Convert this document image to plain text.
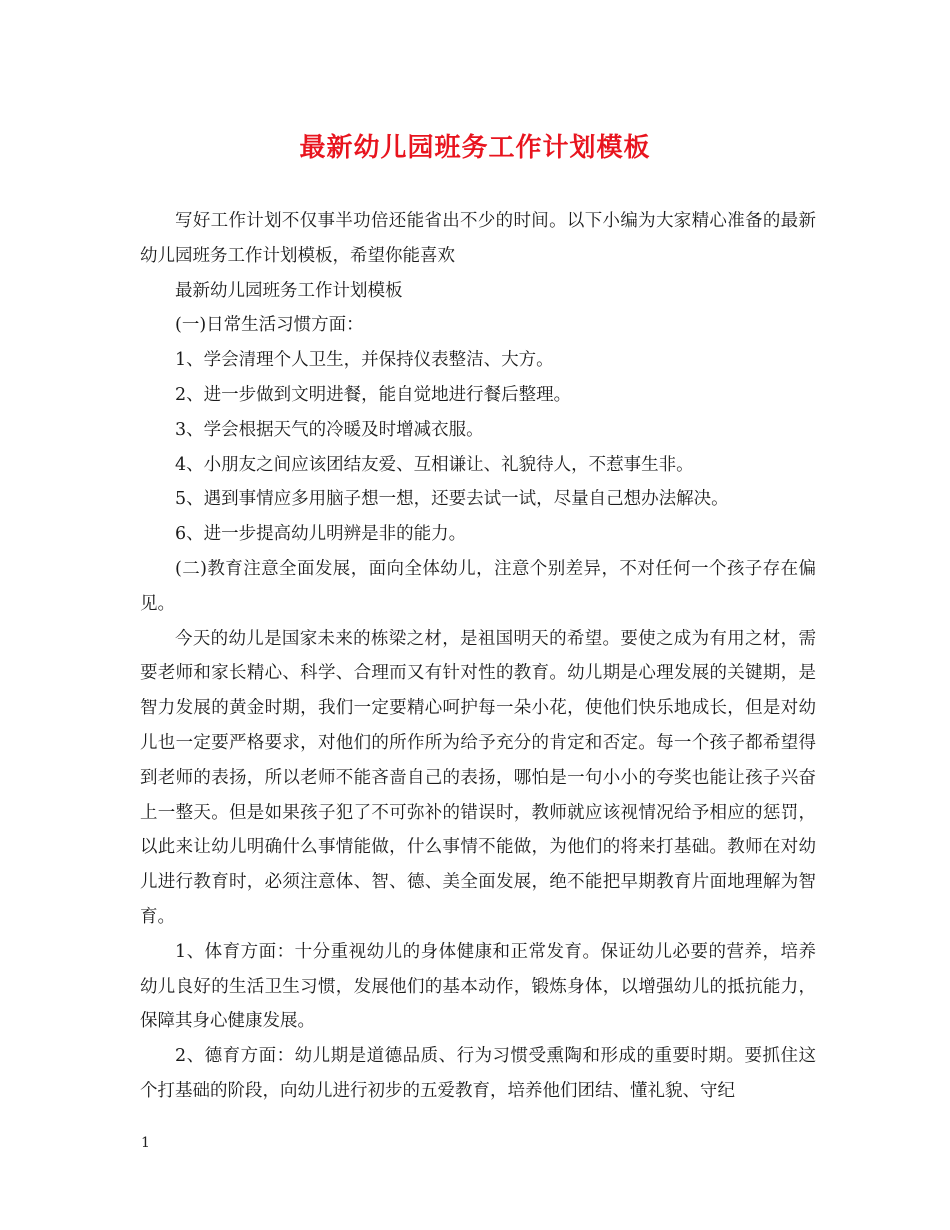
最新幼儿园班务工作计划模板

写好工作计划不仅事半功倍还能省出不少的时间。以下小编为大家精心准备的最新幼儿园班务工作计划模板，希望你能喜欢

最新幼儿园班务工作计划模板

(一)日常生活习惯方面：

1、学会清理个人卫生，并保持仪表整洁、大方。

2、进一步做到文明进餐，能自觉地进行餐后整理。

3、学会根据天气的冷暖及时增减衣服。

4、小朋友之间应该团结友爱、互相谦让、礼貌待人，不惹事生非。

5、遇到事情应多用脑子想一想，还要去试一试，尽量自己想办法解决。

6、进一步提高幼儿明辨是非的能力。

(二)教育注意全面发展，面向全体幼儿，注意个别差异，不对任何一个孩子存在偏见。

今天的幼儿是国家未来的栋梁之材，是祖国明天的希望。要使之成为有用之材，需要老师和家长精心、科学、合理而又有针对性的教育。幼儿期是心理发展的关键期，是智力发展的黄金时期，我们一定要精心呵护每一朵小花，使他们快乐地成长，但是对幼儿也一定要严格要求，对他们的所作所为给予充分的肯定和否定。每一个孩子都希望得到老师的表扬，所以老师不能吝啬自己的表扬，哪怕是一句小小的夸奖也能让孩子兴奋上一整天。但是如果孩子犯了不可弥补的错误时，教师就应该视情况给予相应的惩罚，以此来让幼儿明确什么事情能做，什么事情不能做，为他们的将来打基础。教师在对幼儿进行教育时，必须注意体、智、德、美全面发展，绝不能把早期教育片面地理解为智育。

1、体育方面：十分重视幼儿的身体健康和正常发育。保证幼儿必要的营养，培养幼儿良好的生活卫生习惯，发展他们的基本动作，锻炼身体，以增强幼儿的抵抗能力，保障其身心健康发展。

2、德育方面：幼儿期是道德品质、行为习惯受熏陶和形成的重要时期。要抓住这个打基础的阶段，向幼儿进行初步的五爱教育，培养他们团结、懂礼貌、守纪

1
